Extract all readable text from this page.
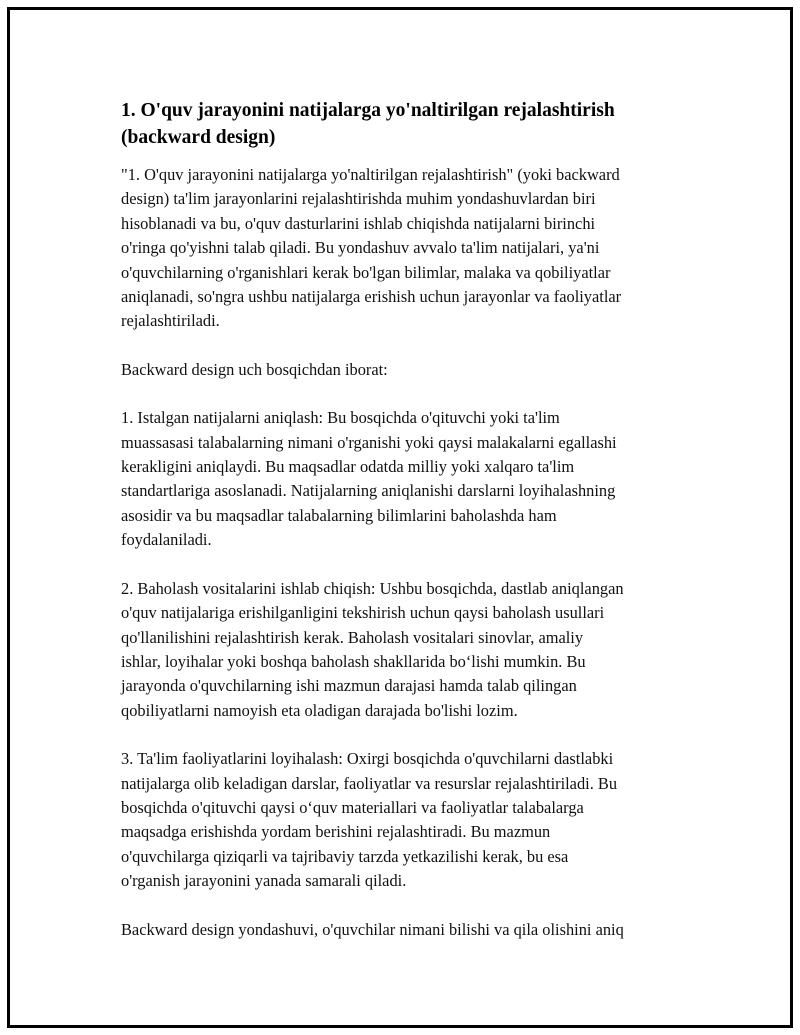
1. O'quv jarayonini natijalarga yo'naltirilgan rejalashtirish
(backward design)

"1. O'quv jarayonini natijalarga yo'naltirilgan rejalashtirish" (yoki backward
design) ta'lim jarayonlarini rejalashtirishda muhim yondashuvlardan biri
hisoblanadi va bu, o'quv dasturlarini ishlab chiqishda natijalarni birinchi
o'ringa qo'yishni talab qiladi. Bu yondashuv avvalo ta'lim natijalari, ya'ni
o'quvchilarning o'rganishlari kerak bo'lgan bilimlar, malaka va qobiliyatlar
aniqlanadi, so'ngra ushbu natijalarga erishish uchun jarayonlar va faoliyatlar
rejalashtiriladi.

Backward design uch bosqichdan iborat:

1. Istalgan natijalarni aniqlash: Bu bosqichda o'qituvchi yoki ta'lim
muassasasi talabalarning nimani o'rganishi yoki qaysi malakalarni egallashi
kerakligini aniqlaydi. Bu maqsadlar odatda milliy yoki xalqaro ta'lim
standartlariga asoslanadi. Natijalarning aniqlanishi darslarni loyihalashning
asosidir va bu maqsadlar talabalarning bilimlarini baholashda ham
foydalaniladi.

2. Baholash vositalarini ishlab chiqish: Ushbu bosqichda, dastlab aniqlangan
o'quv natijalariga erishilganligini tekshirish uchun qaysi baholash usullari
qo'llanilishini rejalashtirish kerak. Baholash vositalari sinovlar, amaliy
ishlar, loyihalar yoki boshqa baholash shakllarida bo‘lishi mumkin. Bu
jarayonda o'quvchilarning ishi mazmun darajasi hamda talab qilingan
qobiliyatlarni namoyish eta oladigan darajada bo'lishi lozim.

3. Ta'lim faoliyatlarini loyihalash: Oxirgi bosqichda o'quvchilarni dastlabki
natijalarga olib keladigan darslar, faoliyatlar va resurslar rejalashtiriladi. Bu
bosqichda o'qituvchi qaysi o‘quv materiallari va faoliyatlar talabalarga
maqsadga erishishda yordam berishini rejalashtiradi. Bu mazmun
o'quvchilarga qiziqarli va tajribaviy tarzda yetkazilishi kerak, bu esa
o'rganish jarayonini yanada samarali qiladi.

Backward design yondashuvi, o'quvchilar nimani bilishi va qila olishini aniq
